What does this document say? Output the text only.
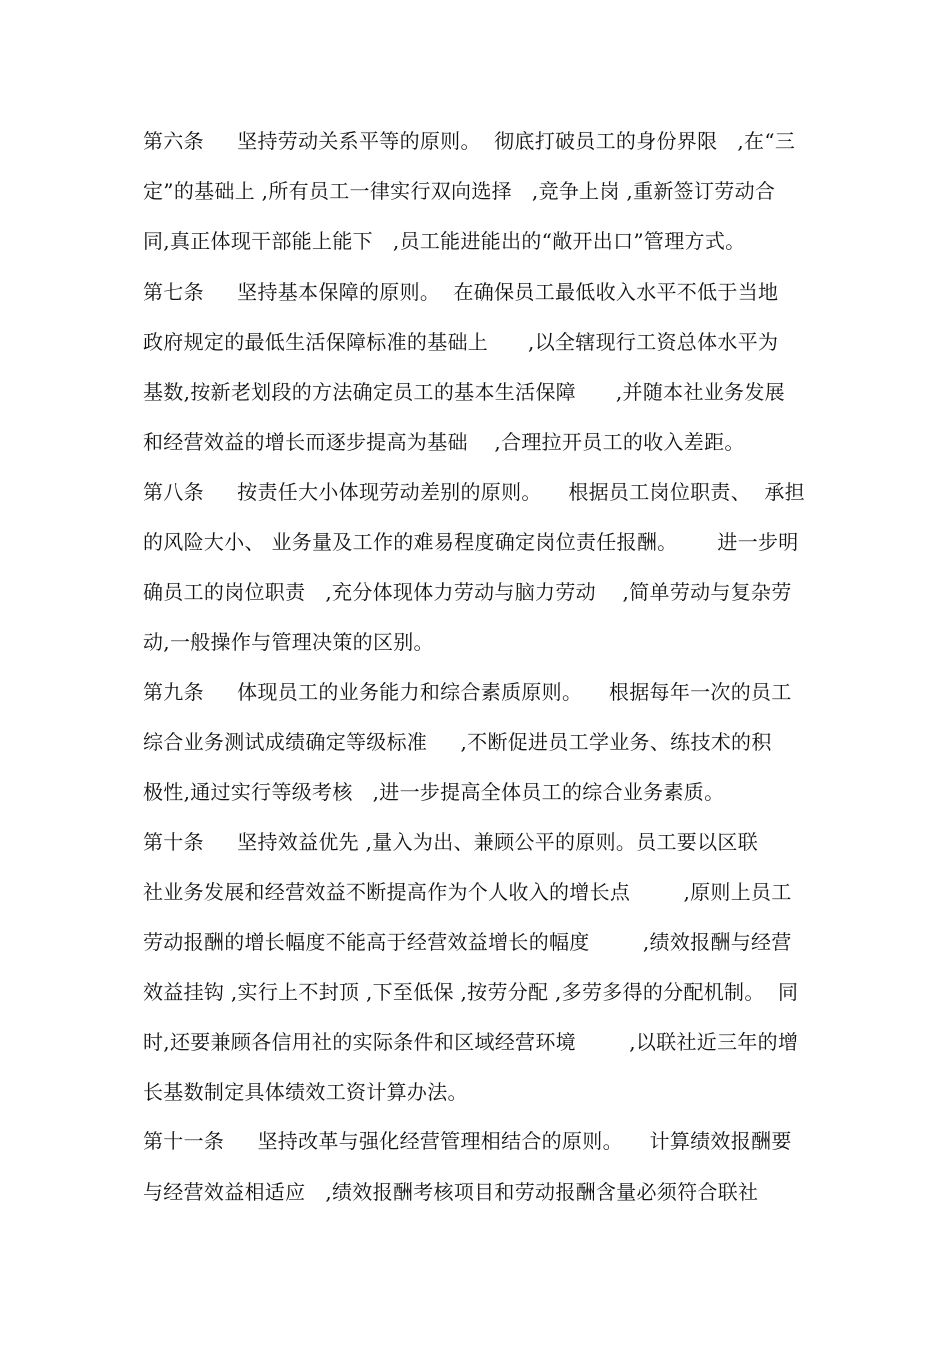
第六条     坚持劳动关系平等的原则。  彻底打破员工的身份界限   ,在“三
定”的基础上 ,所有员工一律实行双向选择   ,竞争上岗 ,重新签订劳动合
同,真正体现干部能上能下   ,员工能进能出的“敞开出口”管理方式。
第七条     坚持基本保障的原则。  在确保员工最低收入水平不低于当地
政府规定的最低生活保障标准的基础上      ,以全辖现行工资总体水平为
基数,按新老划段的方法确定员工的基本生活保障      ,并随本社业务发展
和经营效益的增长而逐步提高为基础    ,合理拉开员工的收入差距。
第八条     按责任大小体现劳动差别的原则。    根据员工岗位职责、  承担
的风险大小、 业务量及工作的难易程度确定岗位责任报酬。      进一步明
确员工的岗位职责   ,充分体现体力劳动与脑力劳动    ,简单劳动与复杂劳
动,一般操作与管理决策的区别。
第九条     体现员工的业务能力和综合素质原则。    根据每年一次的员工
综合业务测试成绩确定等级标准     ,不断促进员工学业务、练技术的积
极性,通过实行等级考核   ,进一步提高全体员工的综合业务素质。
第十条     坚持效益优先 ,量入为出、兼顾公平的原则。员工要以区联
社业务发展和经营效益不断提高作为个人收入的增长点        ,原则上员工
劳动报酬的增长幅度不能高于经营效益增长的幅度        ,绩效报酬与经营
效益挂钩 ,实行上不封顶 ,下至低保 ,按劳分配 ,多劳多得的分配机制。  同
时,还要兼顾各信用社的实际条件和区域经营环境        ,以联社近三年的增
长基数制定具体绩效工资计算办法。
第十一条     坚持改革与强化经营管理相结合的原则。    计算绩效报酬要
与经营效益相适应   ,绩效报酬考核项目和劳动报酬含量必须符合联社
